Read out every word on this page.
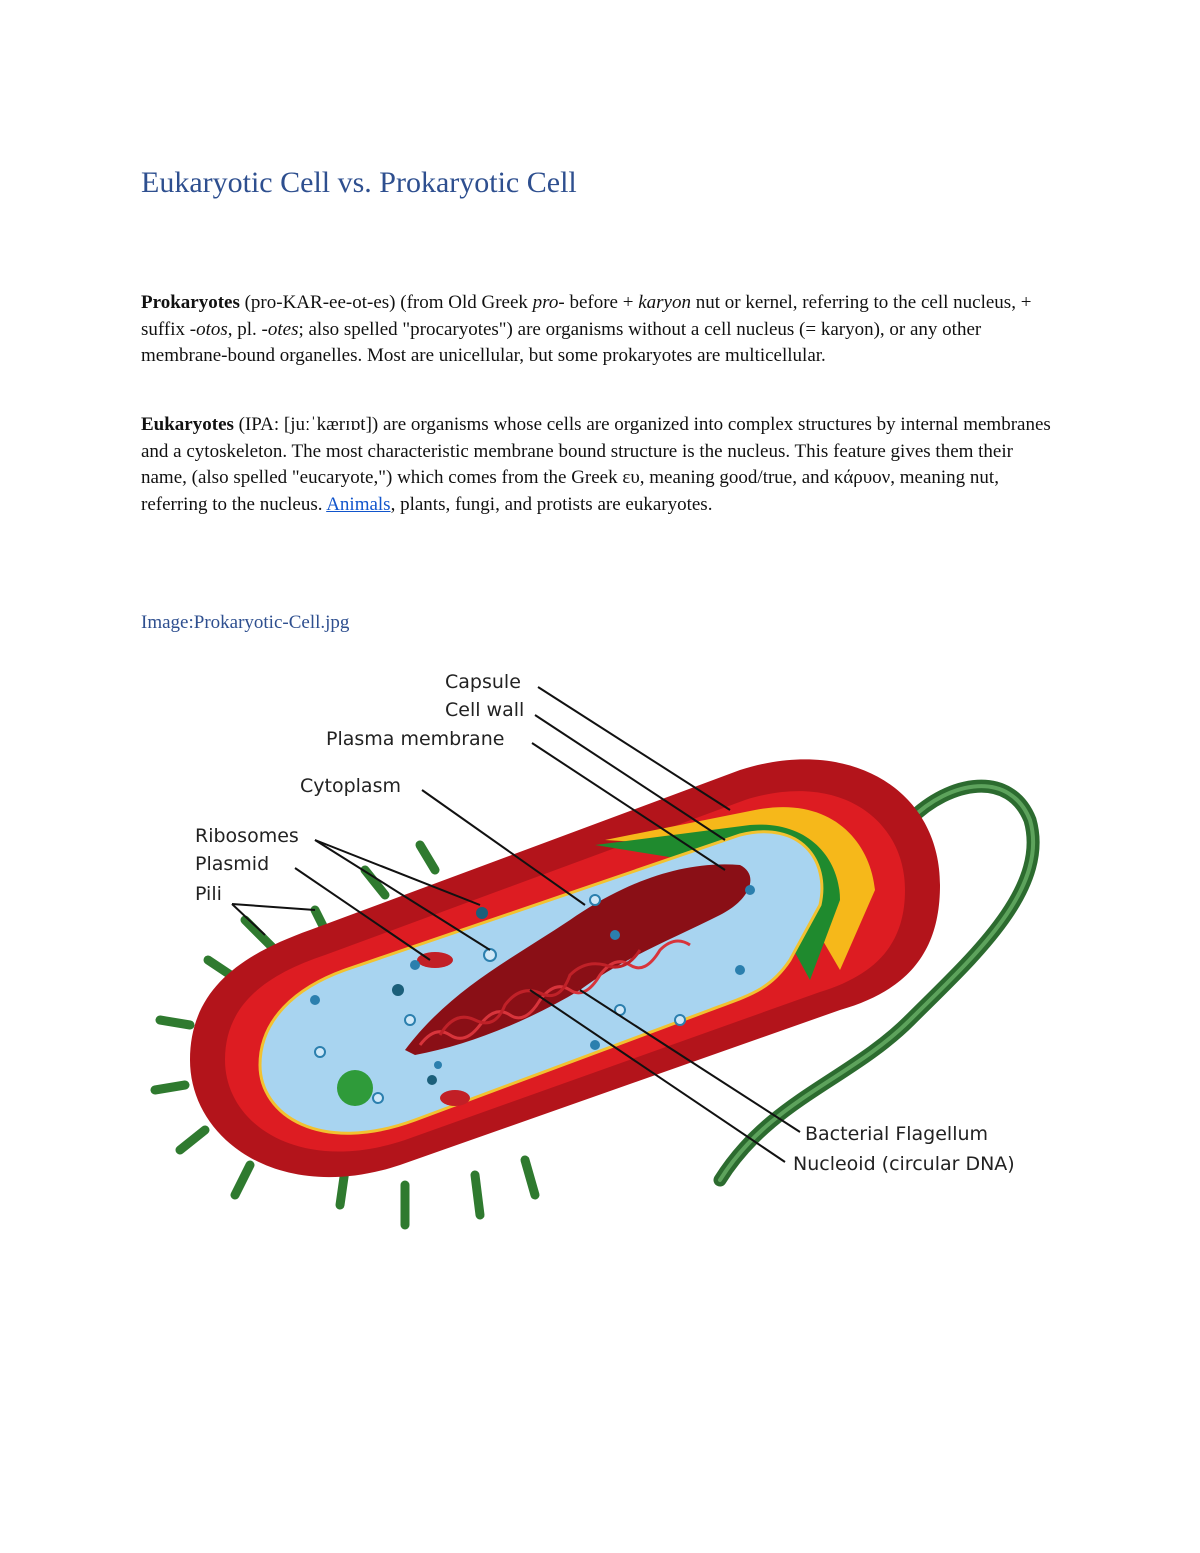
Eukaryotic Cell vs. Prokaryotic Cell

Prokaryotes (pro-KAR-ee-ot-es) (from Old Greek pro- before + karyon nut or kernel, referring to the cell nucleus, + suffix -otos, pl. -otes; also spelled "procaryotes") are organisms without a cell nucleus (= karyon), or any other membrane-bound organelles. Most are unicellular, but some prokaryotes are multicellular.

Eukaryotes (IPA: [juːˈkærɪɒt]) are organisms whose cells are organized into complex structures by internal membranes and a cytoskeleton. The most characteristic membrane bound structure is the nucleus. This feature gives them their name, (also spelled "eucaryote,") which comes from the Greek ευ, meaning good/true, and κάρυον, meaning nut, referring to the nucleus. Animals, plants, fungi, and protists are eukaryotes.

Image:Prokaryotic-Cell.jpg

Capsule
Cell wall
Plasma membrane
Cytoplasm
Ribosomes
Plasmid
Pili
Bacterial Flagellum
Nucleoid (circular DNA)
